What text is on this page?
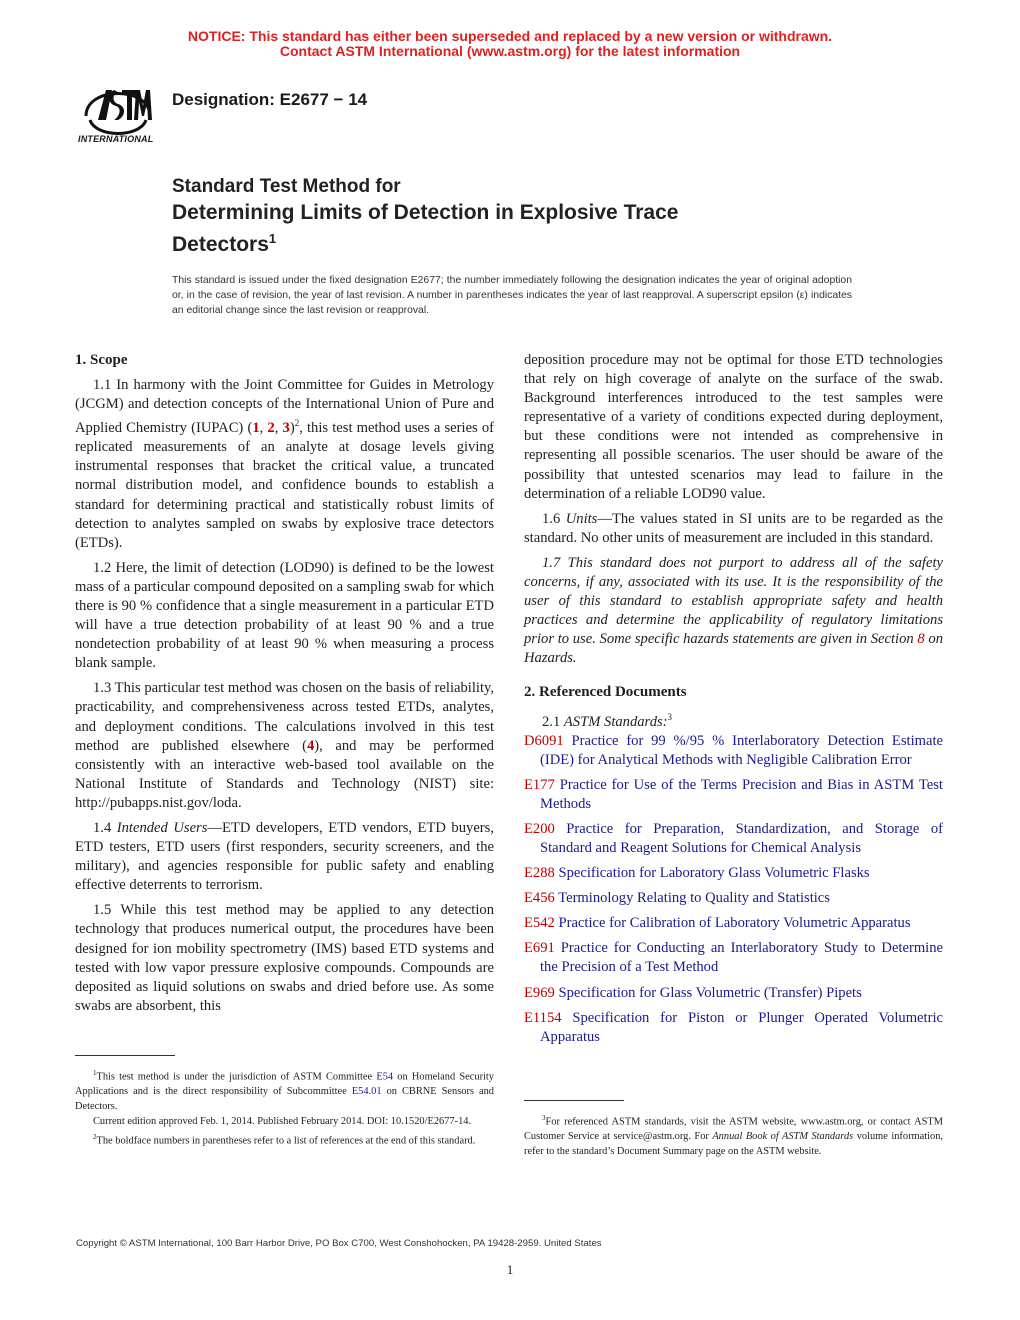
NOTICE: This standard has either been superseded and replaced by a new version or withdrawn.
Contact ASTM International (www.astm.org) for the latest information
INTERNATIONAL
Designation: E2677 − 14
Standard Test Method for
Determining Limits of Detection in Explosive Trace
Detectors$^1$
This standard is issued under the fixed designation E2677; the number immediately following the designation indicates the year of original adoption or, in the case of revision, the year of last revision. A number in parentheses indicates the year of last reapproval. A superscript epsilon (ε) indicates an editorial change since the last revision or reapproval.
1. Scope

1.1 In harmony with the Joint Committee for Guides in Metrology (JCGM) and detection concepts of the International Union of Pure and Applied Chemistry (IUPAC) (1, 2, 3)$^2$, this test method uses a series of replicated measurements of an analyte at dosage levels giving instrumental responses that bracket the critical value, a truncated normal distribution model, and confidence bounds to establish a standard for determining practical and statistically robust limits of detection to analytes sampled on swabs by explosive trace detectors (ETDs).

1.2 Here, the limit of detection (LOD90) is defined to be the lowest mass of a particular compound deposited on a sampling swab for which there is 90 % confidence that a single measurement in a particular ETD will have a true detection probability of at least 90 % and a true nondetection probability of at least 90 % when measuring a process blank sample.

1.3 This particular test method was chosen on the basis of reliability, practicability, and comprehensiveness across tested ETDs, analytes, and deployment conditions. The calculations involved in this test method are published elsewhere (4), and may be performed consistently with an interactive web-based tool available on the National Institute of Standards and Technology (NIST) site: http://pubapps.nist.gov/loda.

1.4 Intended Users—ETD developers, ETD vendors, ETD buyers, ETD testers, ETD users (first responders, security screeners, and the military), and agencies responsible for public safety and enabling effective deterrents to terrorism.

1.5 While this test method may be applied to any detection technology that produces numerical output, the procedures have been designed for ion mobility spectrometry (IMS) based ETD systems and tested with low vapor pressure explosive compounds. Compounds are deposited as liquid solutions on swabs and dried before use. As some swabs are absorbent, this

$^1$This test method is under the jurisdiction of ASTM Committee E54 on Homeland Security Applications and is the direct responsibility of Subcommittee E54.01 on CBRNE Sensors and Detectors.

Current edition approved Feb. 1, 2014. Published February 2014. DOI: 10.1520/E2677-14.

$^2$The boldface numbers in parentheses refer to a list of references at the end of this standard.

deposition procedure may not be optimal for those ETD technologies that rely on high coverage of analyte on the surface of the swab. Background interferences introduced to the test samples were representative of a variety of conditions expected during deployment, but these conditions were not intended as comprehensive in representing all possible scenarios. The user should be aware of the possibility that untested scenarios may lead to failure in the determination of a reliable LOD90 value.

1.6 Units—The values stated in SI units are to be regarded as the standard. No other units of measurement are included in this standard.

1.7 This standard does not purport to address all of the safety concerns, if any, associated with its use. It is the responsibility of the user of this standard to establish appropriate safety and health practices and determine the applicability of regulatory limitations prior to use. Some specific hazards statements are given in Section 8 on Hazards.

2. Referenced Documents

2.1 ASTM Standards:$^3$

D6091 Practice for 99 %/95 % Interlaboratory Detection Estimate (IDE) for Analytical Methods with Negligible Calibration Error

E177 Practice for Use of the Terms Precision and Bias in ASTM Test Methods

E200 Practice for Preparation, Standardization, and Storage of Standard and Reagent Solutions for Chemical Analysis

E288 Specification for Laboratory Glass Volumetric Flasks

E456 Terminology Relating to Quality and Statistics

E542 Practice for Calibration of Laboratory Volumetric Apparatus

E691 Practice for Conducting an Interlaboratory Study to Determine the Precision of a Test Method

E969 Specification for Glass Volumetric (Transfer) Pipets

E1154 Specification for Piston or Plunger Operated Volumetric Apparatus

$^3$For referenced ASTM standards, visit the ASTM website, www.astm.org, or contact ASTM Customer Service at service@astm.org. For Annual Book of ASTM Standards volume information, refer to the standard’s Document Summary page on the ASTM website.

Copyright © ASTM International, 100 Barr Harbor Drive, PO Box C700, West Conshohocken, PA 19428-2959. United States
1
